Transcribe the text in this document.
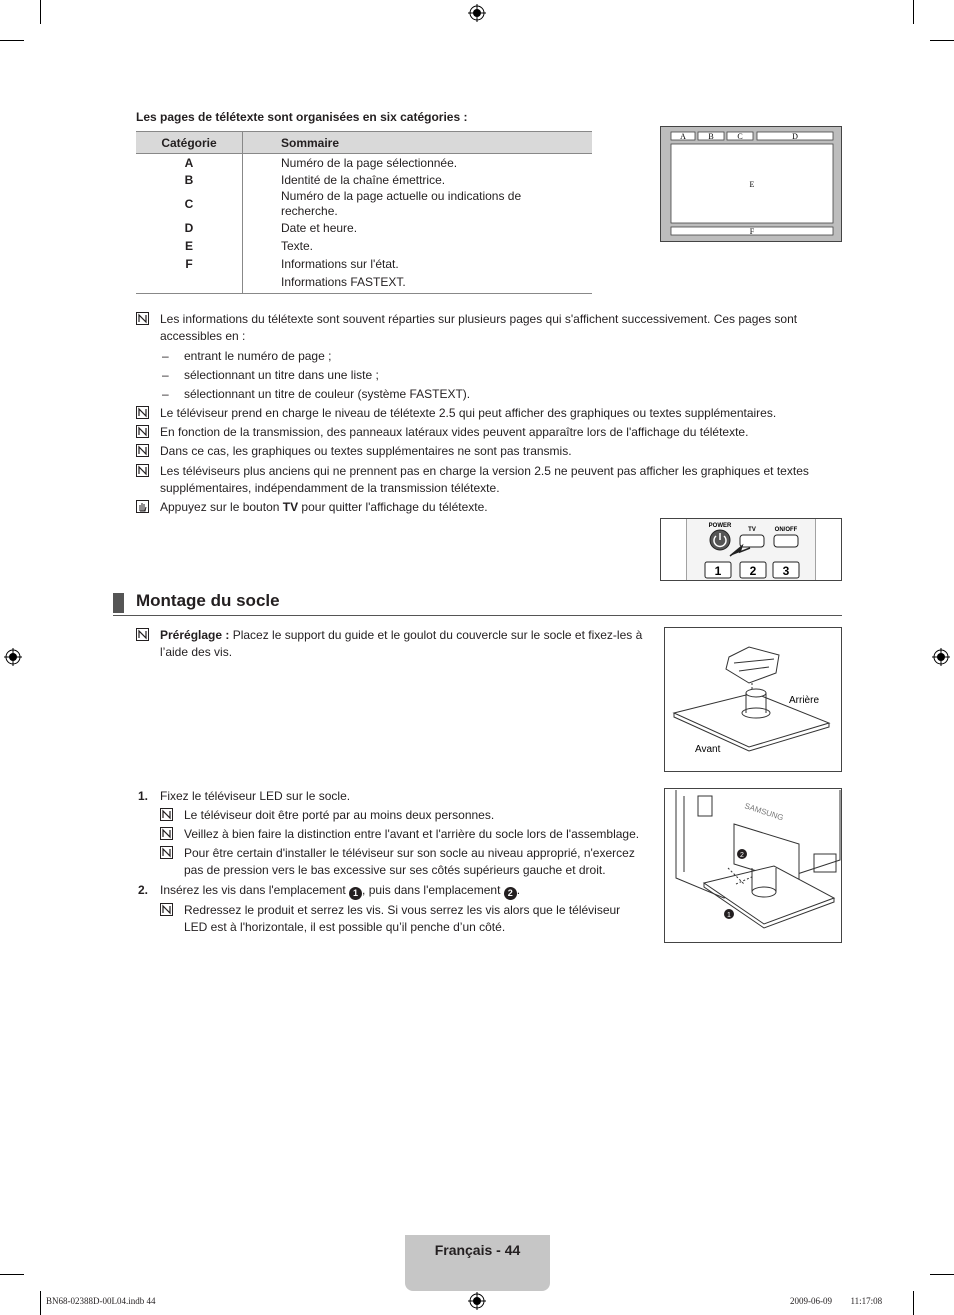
Les pages de télétexte sont organisées en six catégories :
Catégorie	Sommaire
A	Numéro de la page sélectionnée.
B	Identité de la chaîne émettrice.
C	Numéro de la page actuelle ou indications de recherche.
D	Date et heure.
E	Texte.
F	Informations sur l'état.
	Informations FASTEXT.
A	B	C	D
E
F
Les informations du télétexte sont souvent réparties sur plusieurs pages qui s'affichent successivement. Ces pages sont accessibles en :
– entrant le numéro de page ;
– sélectionnant un titre dans une liste ;
– sélectionnant un titre de couleur (système FASTEXT).
Le téléviseur prend en charge le niveau de télétexte 2.5 qui peut afficher des graphiques ou textes supplémentaires.
En fonction de la transmission, des panneaux latéraux vides peuvent apparaître lors de l'affichage du télétexte.
Dans ce cas, les graphiques ou textes supplémentaires ne sont pas transmis.
Les téléviseurs plus anciens qui ne prennent pas en charge la version 2.5 ne peuvent pas afficher les graphiques et textes supplémentaires, indépendamment de la transmission télétexte.
Appuyez sur le bouton TV pour quitter l'affichage du télétexte.
POWER
TV	ON/OFF
1 2 3
Montage du socle
Préréglage : Placez le support du guide et le goulot du couvercle sur le socle et fixez-les à l’aide des vis.
Arrière
Avant
1. Fixez le téléviseur LED sur le socle.
Le téléviseur doit être porté par au moins deux personnes.
Veillez à bien faire la distinction entre l'avant et l'arrière du socle lors de l'assemblage.
Pour être certain d'installer le téléviseur sur son socle au niveau approprié, n'exercez pas de pression vers le bas excessive sur ses côtés supérieurs gauche et droit.
2. Insérez les vis dans l'emplacement 1 , puis dans l'emplacement 2 .
Redressez le produit et serrez les vis. Si vous serrez les vis alors que le téléviseur LED est à l'horizontale, il est possible qu’il penche d’un côté.
SAMSUNG
2
1
Français - 44
BN68-02388D-00L04.indb 44	2009-06-09 ￿￿ 11:17:08
